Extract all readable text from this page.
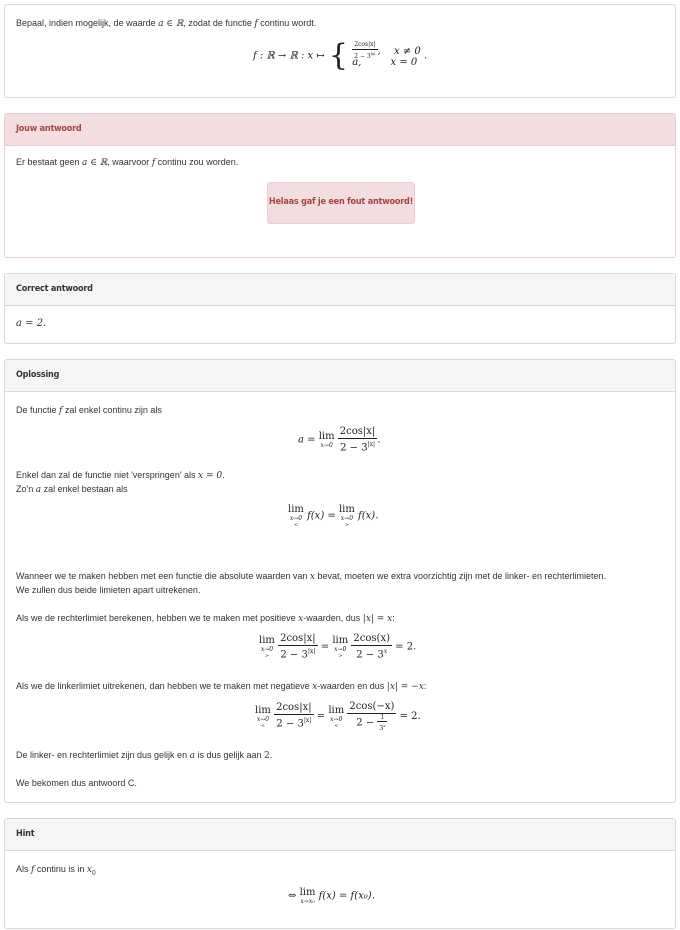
Bepaal, indien mogelijk, de waarde a ∈ ℝ, zodat de functie f continu wordt.

f : ℝ → ℝ : x ↦ { $\frac{2\cos|x|}{2 - 3^{|x|}}$ , x ≠ 0
a,	x = 0
.
Jouw antwoord

Er bestaat geen a ∈ ℝ, waarvoor f continu zou worden.

Helaas gaf je een fout antwoord!
Correct antwoord

a = 2.

Oplossing

De functie f zal enkel continu zijn als

a = lim
x→0
$\frac{2\cos|x|}{2 - 3^{|x|}}$ .

Enkel dan zal de functie niet 'verspringen' als x = 0.

Zo'n a zal enkel bestaan als

lim
x→0
<
f(x) =
lim
x→0
>
f(x).

Wanneer we te maken hebben met een functie die absolute waarden van x bevat, moeten we extra voorzichtig zijn met de linker- en rechterlimieten.

We zullen dus beide limieten apart uitrekenen.

Als we de rechterlimiet berekenen, hebben we te maken met positieve x-waarden, dus |x| = x:

lim
x→0
>
$\frac{2\cos|x|}{2 - 3^{|x|}}$ =
lim
x→0
>
$\frac{2\cos(x)}{2 - 3^x} = 2$.

Als we de linkerlimiet uitrekenen, dan hebben we te maken met negatieve x-waarden en dus |x| = −x:

lim
x→0
<
$\frac{2\cos|x|}{2 - 3^{|x|}}$ =
lim
x→0
<
$\frac{2\cos(-x)}{2 - \frac{1}{3^x}} = 2$.

De linker- en rechterlimiet zijn dus gelijk en a is dus gelijk aan 2.

We bekomen dus antwoord C.

Hint

Als f continu is in $x_0$

⇔ lim
x→x₀ f(x) = f(x₀).
